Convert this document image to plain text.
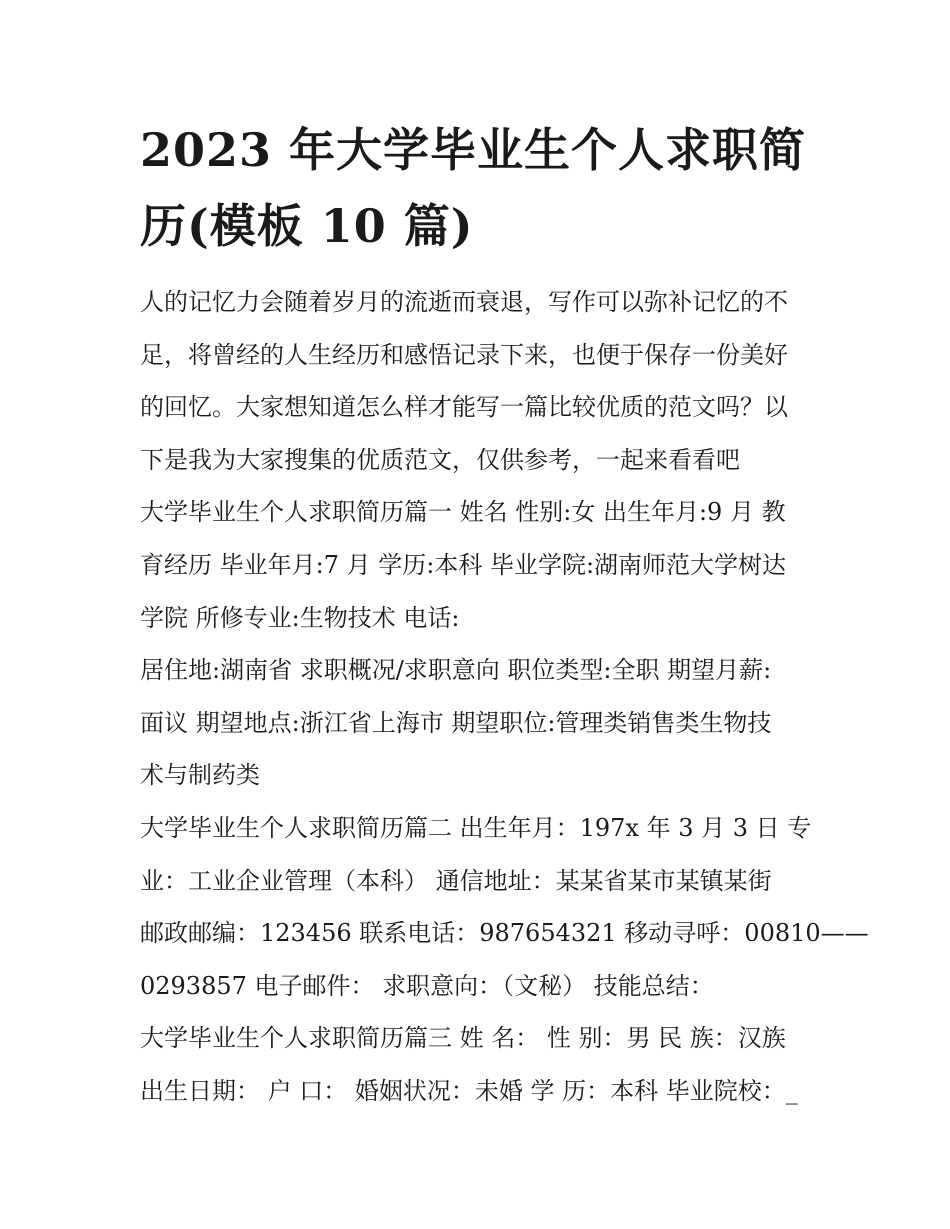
2023 年大学毕业生个人求职简
历(模板 10 篇)
人的记忆力会随着岁月的流逝而衰退，写作可以弥补记忆的不
足，将曾经的人生经历和感悟记录下来，也便于保存一份美好
的回忆。大家想知道怎么样才能写一篇比较优质的范文吗？以
下是我为大家搜集的优质范文，仅供参考，一起来看看吧
大学毕业生个人求职简历篇一 姓名 性别:女 出生年月:9 月 教
育经历 毕业年月:7 月 学历:本科 毕业学院:湖南师范大学树达
学院 所修专业:生物技术 电话:
居住地:湖南省 求职概况/求职意向 职位类型:全职 期望月薪:
面议 期望地点:浙江省上海市 期望职位:管理类销售类生物技
术与制药类
大学毕业生个人求职简历篇二 出生年月：197x 年 3 月 3 日 专
业：工业企业管理（本科） 通信地址：某某省某市某镇某街
邮政邮编：123456 联系电话：987654321 移动寻呼：00810——
0293857 电子邮件： 求职意向：（文秘） 技能总结：
大学毕业生个人求职简历篇三 姓 名： 性 别：男 民 族：汉族
出生日期： 户 口： 婚姻状况：未婚 学 历：本科 毕业院校：_
